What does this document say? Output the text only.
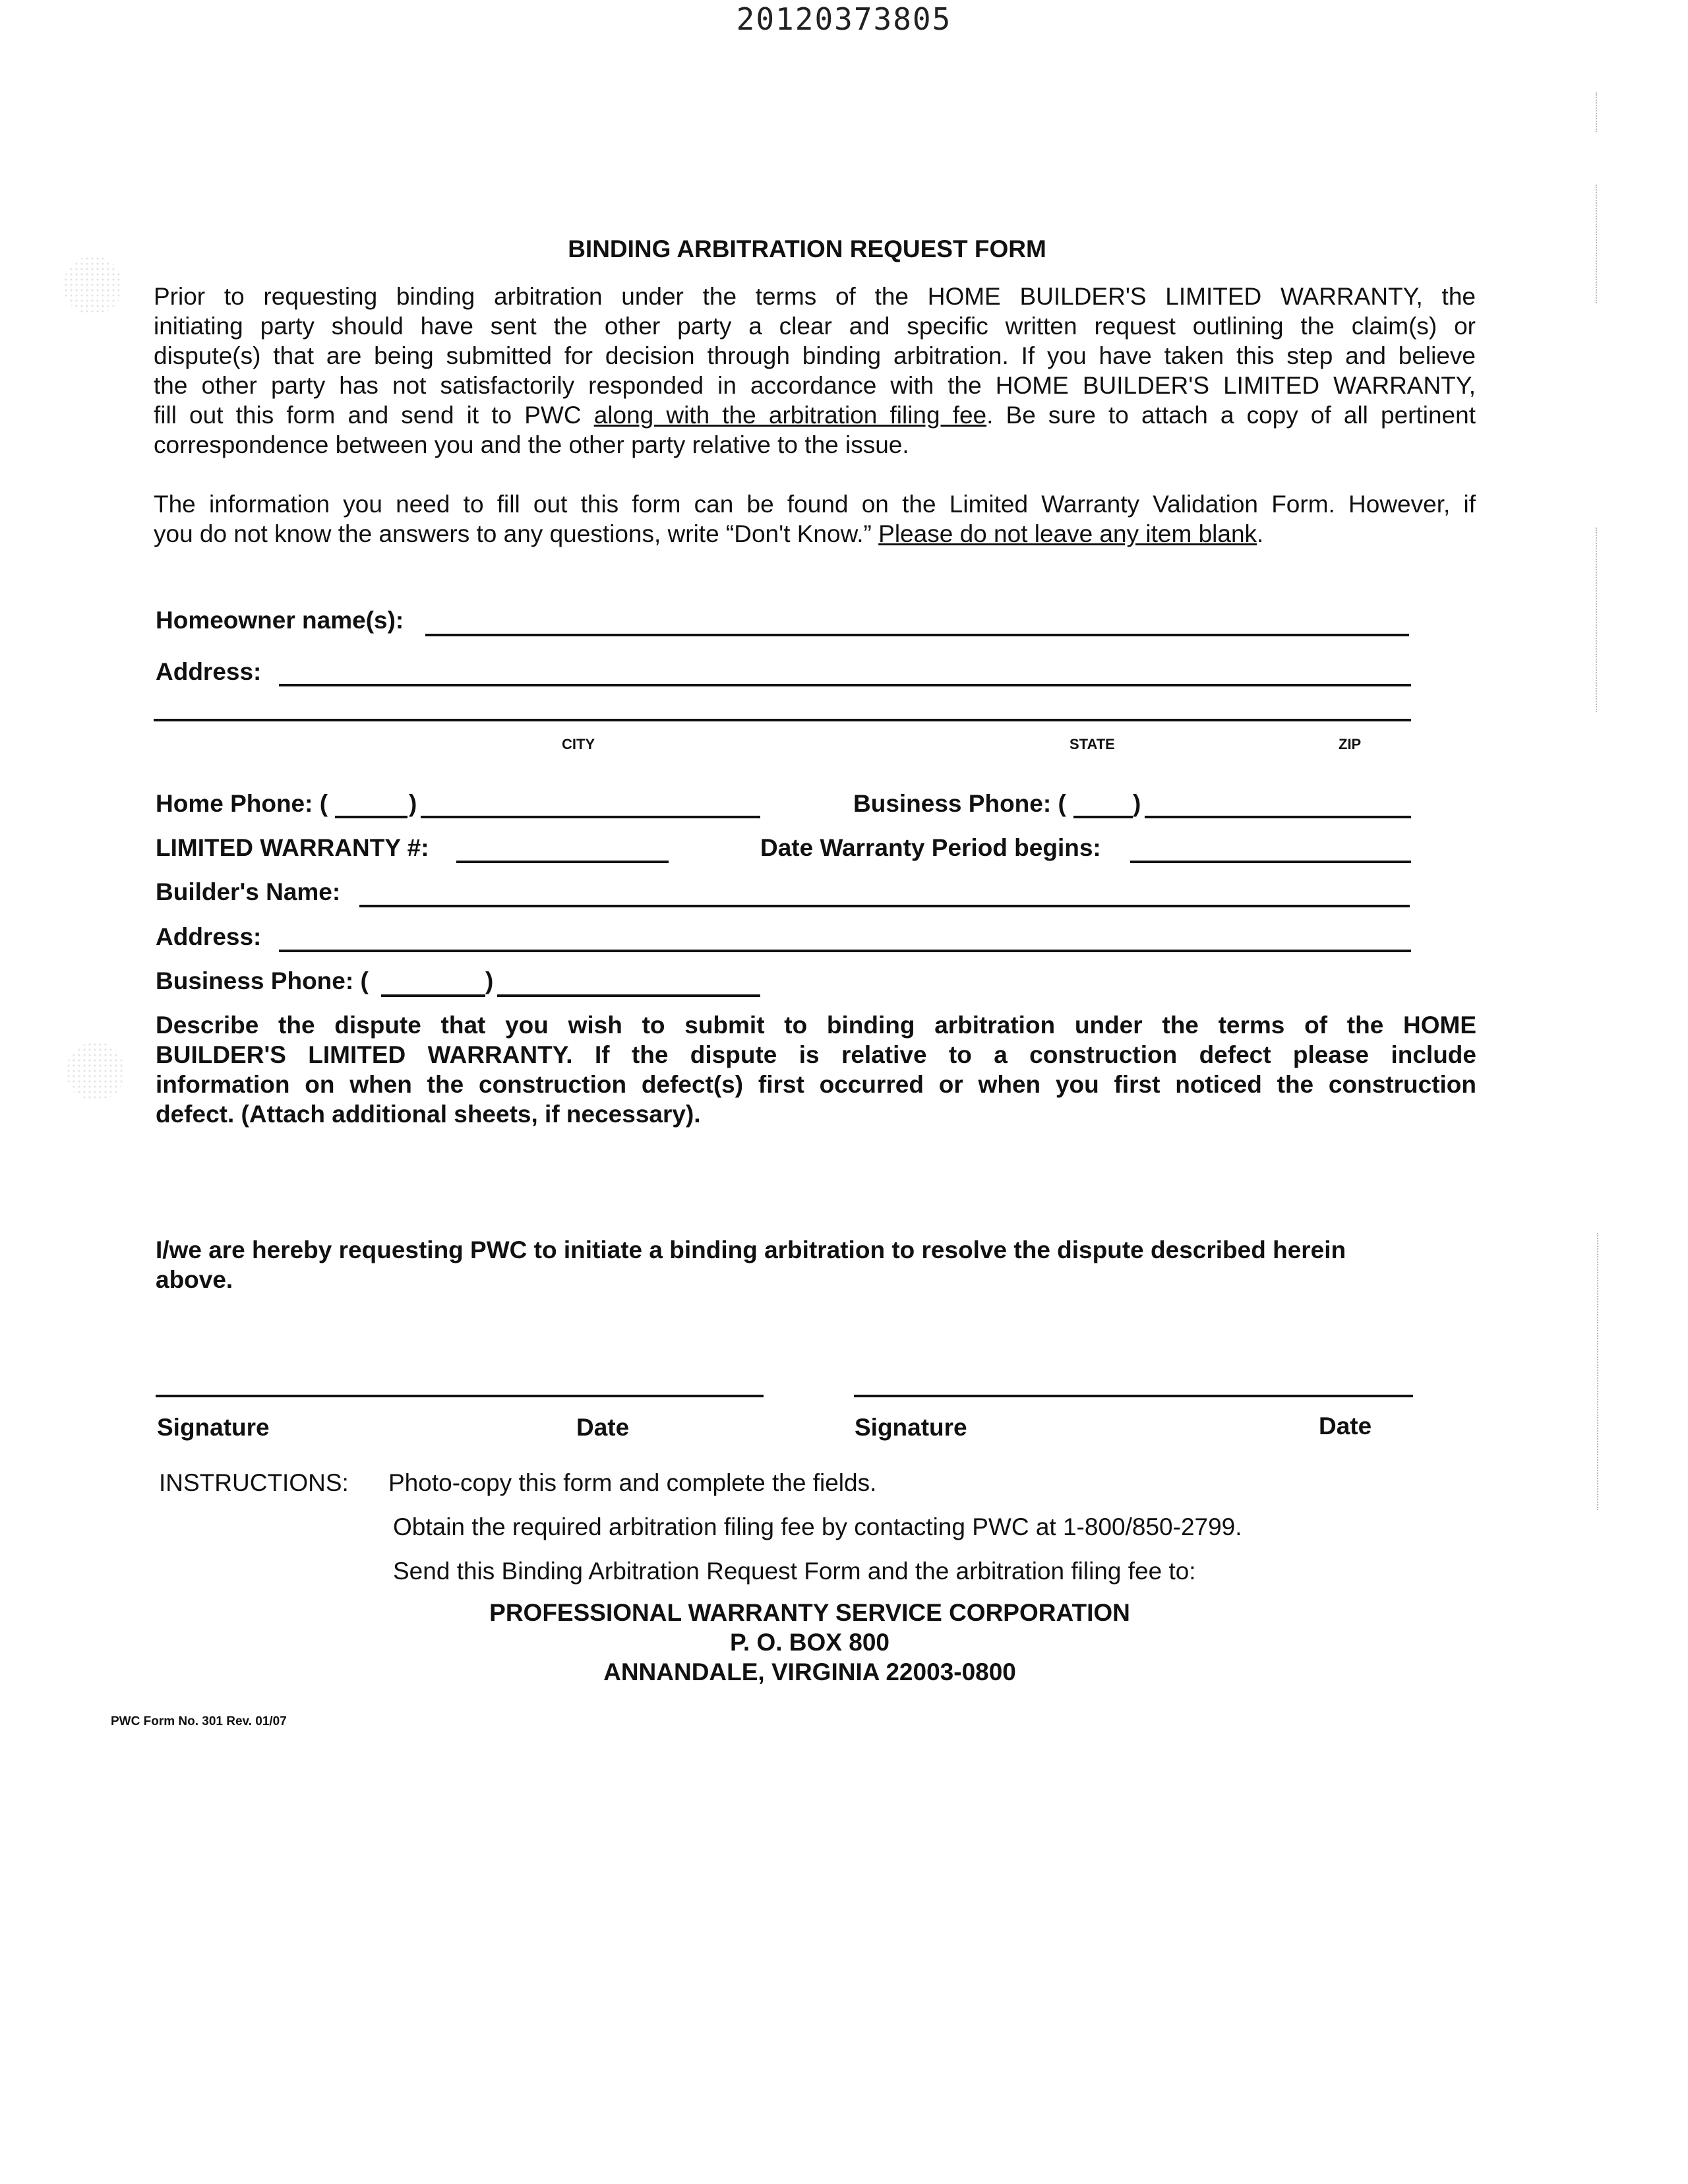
20120373805
BINDING ARBITRATION REQUEST FORM
Prior to requesting binding arbitration under the terms of the HOME BUILDER'S LIMITED WARRANTY, the
initiating party should have sent the other party a clear and specific written request outlining the claim(s) or
dispute(s) that are being submitted for decision through binding arbitration. If you have taken this step and believe
the other party has not satisfactorily responded in accordance with the HOME BUILDER'S LIMITED WARRANTY,
fill out this form and send it to PWC along with the arbitration filing fee. Be sure to attach a copy of all pertinent
correspondence between you and the other party relative to the issue.
The information you need to fill out this form can be found on the Limited Warranty Validation Form. However, if
you do not know the answers to any questions, write “Don't Know.” Please do not leave any item blank.
Homeowner name(s):
Address:
CITY	STATE	ZIP
Home Phone: (	)	Business Phone: (	)
LIMITED WARRANTY #:	Date Warranty Period begins:
Builder's Name:
Address:
Business Phone: (	)
Describe the dispute that you wish to submit to binding arbitration under the terms of the HOME
BUILDER'S LIMITED WARRANTY. If the dispute is relative to a construction defect please include
information on when the construction defect(s) first occurred or when you first noticed the construction
defect. (Attach additional sheets, if necessary).
I/we are hereby requesting PWC to initiate a binding arbitration to resolve the dispute described herein
above.
Signature	Date	Signature	Date
INSTRUCTIONS: Photo-copy this form and complete the fields.
Obtain the required arbitration filing fee by contacting PWC at 1-800/850-2799.
Send this Binding Arbitration Request Form and the arbitration filing fee to:
PROFESSIONAL WARRANTY SERVICE CORPORATION
P. O. BOX 800
ANNANDALE, VIRGINIA 22003-0800
PWC Form No. 301 Rev. 01/07
